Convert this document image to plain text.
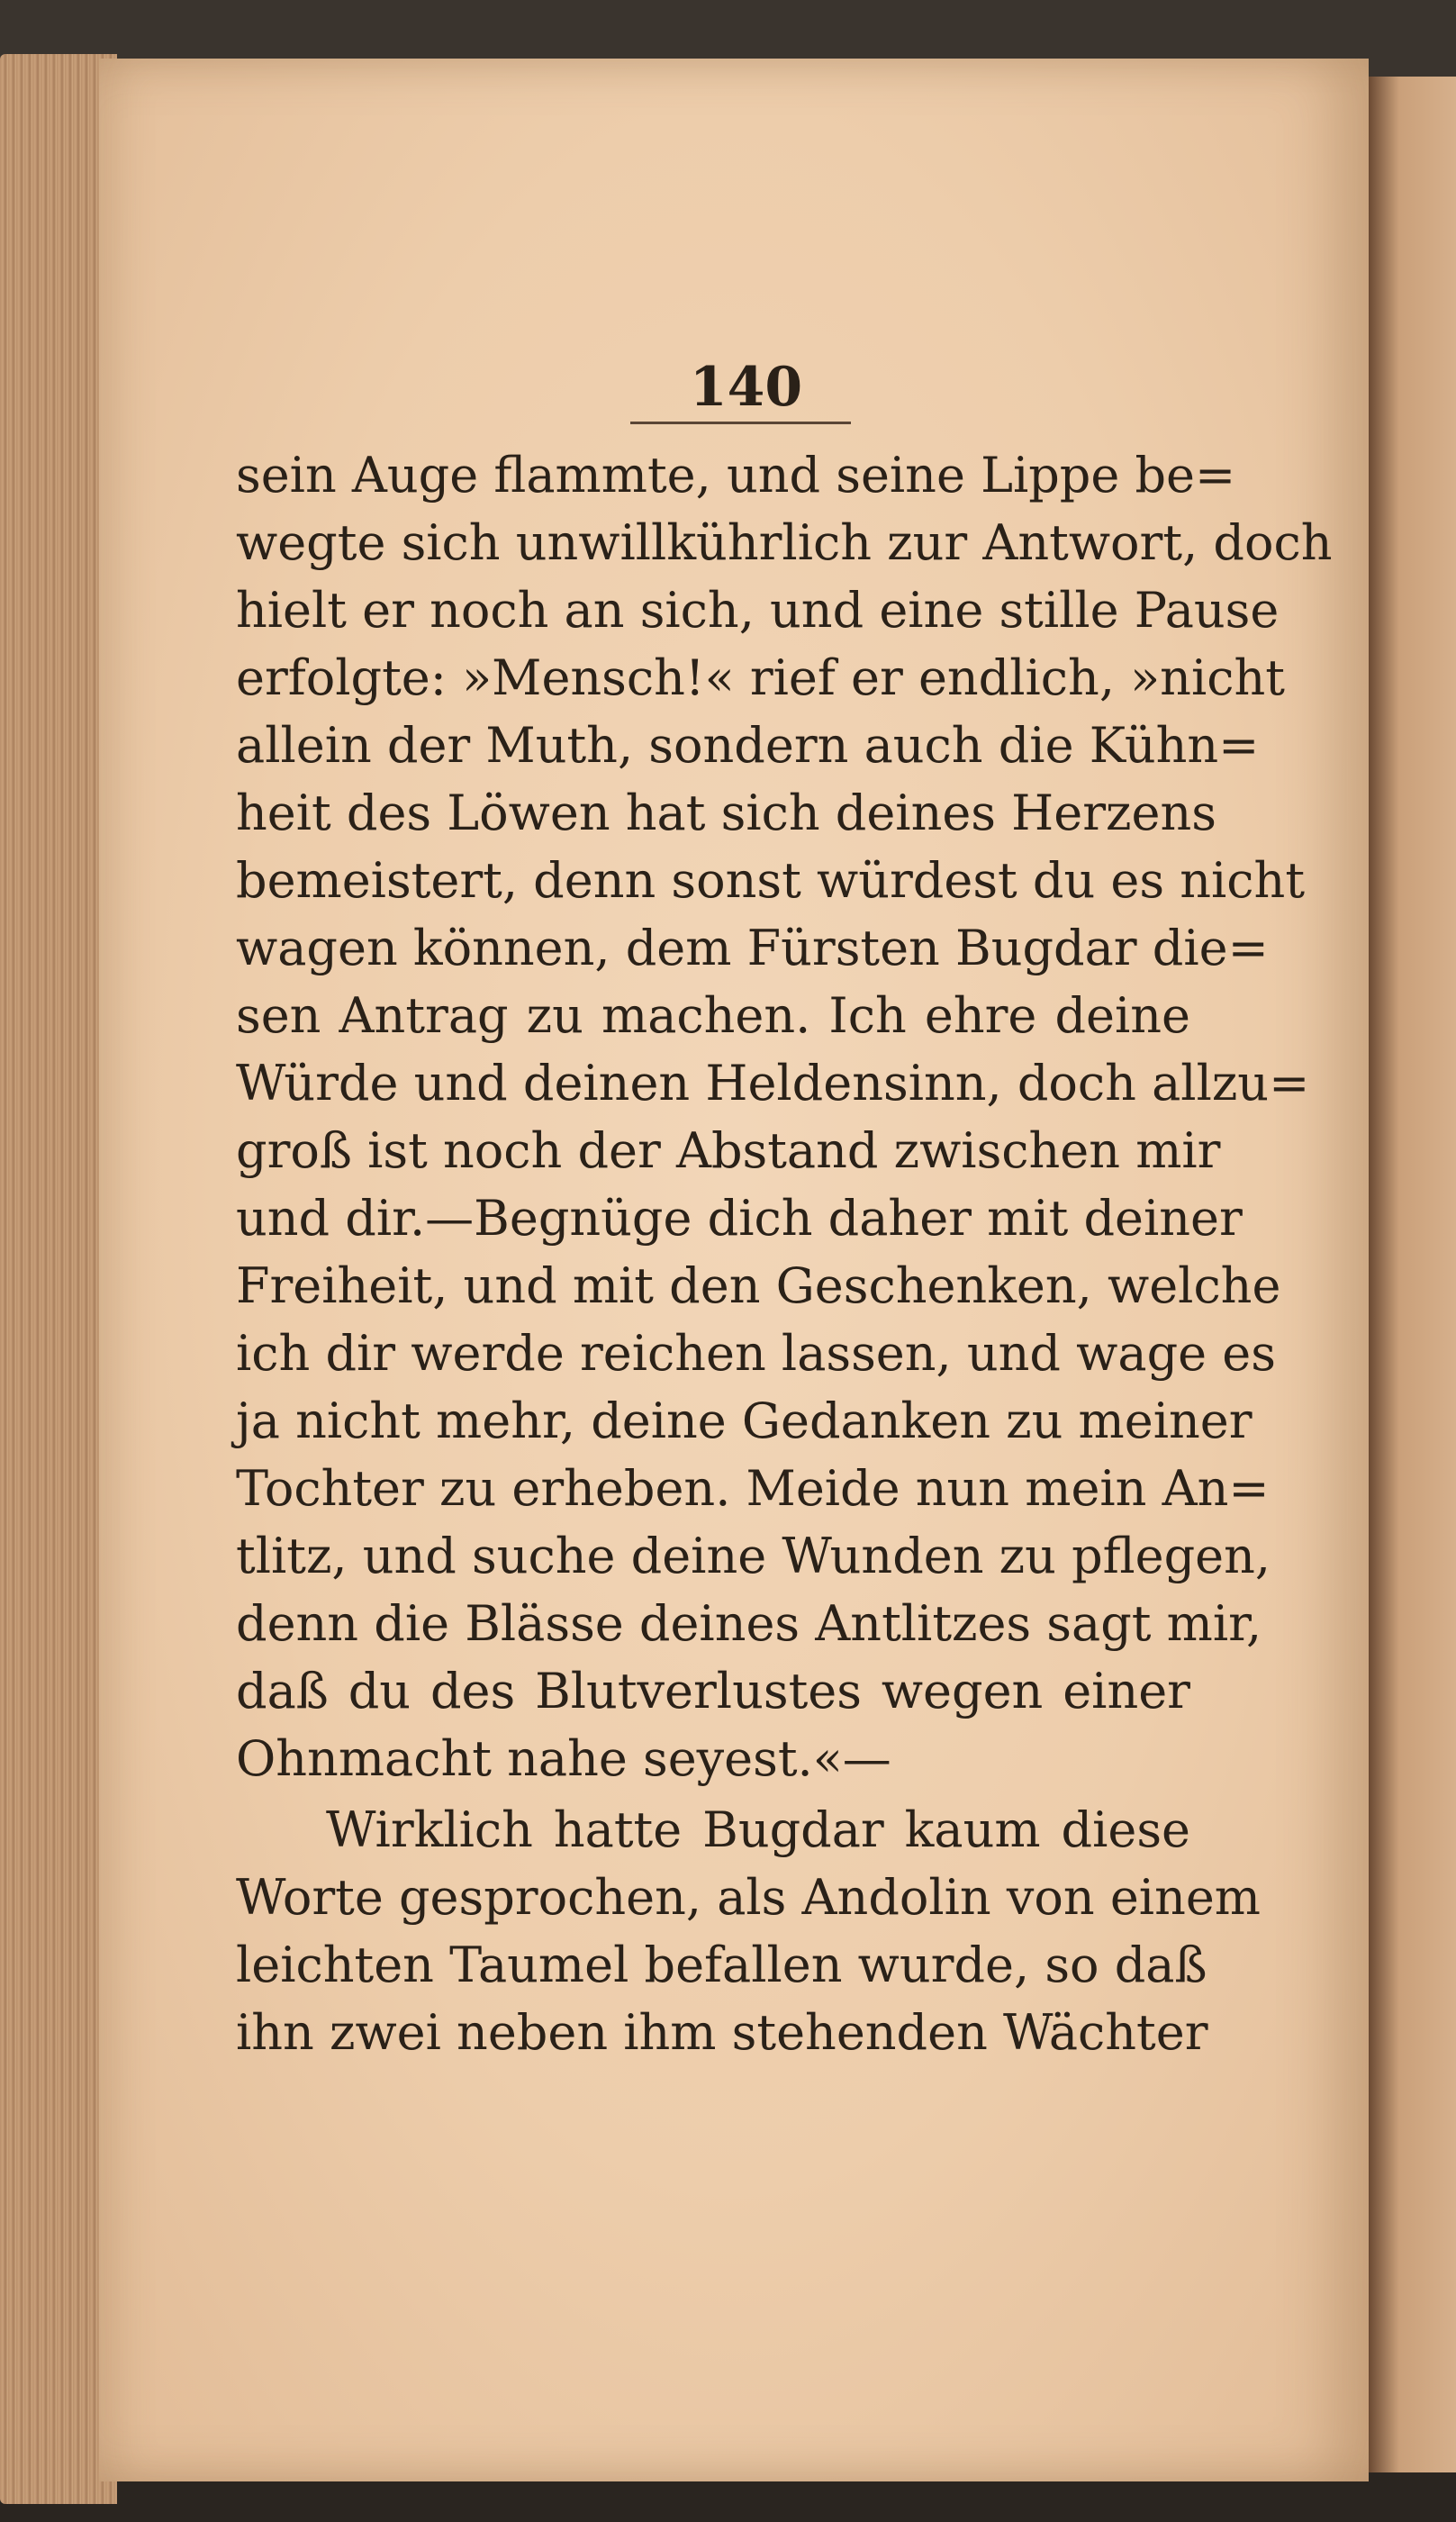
140
sein Auge flammte, und seine Lippe be=
wegte sich unwillkührlich zur Antwort, doch
hielt er noch an sich, und eine stille Pause
erfolgte: »Mensch!« rief er endlich, »nicht
allein der Muth, sondern auch die Kühn=
heit des Löwen hat sich deines Herzens
bemeistert, denn sonst würdest du es nicht
wagen können, dem Fürsten Bugdar die=
sen Antrag zu machen. Ich ehre deine
Würde und deinen Heldensinn, doch allzu=
groß ist noch der Abstand zwischen mir
und dir.—Begnüge dich daher mit deiner
Freiheit, und mit den Geschenken, welche
ich dir werde reichen lassen, und wage es
ja nicht mehr, deine Gedanken zu meiner
Tochter zu erheben. Meide nun mein An=
tlitz, und suche deine Wunden zu pflegen,
denn die Blässe deines Antlitzes sagt mir,
daß du des Blutverlustes wegen einer
Ohnmacht nahe seyest.«—
Wirklich hatte Bugdar kaum diese
Worte gesprochen, als Andolin von einem
leichten Taumel befallen wurde, so daß
ihn zwei neben ihm stehenden Wächter
